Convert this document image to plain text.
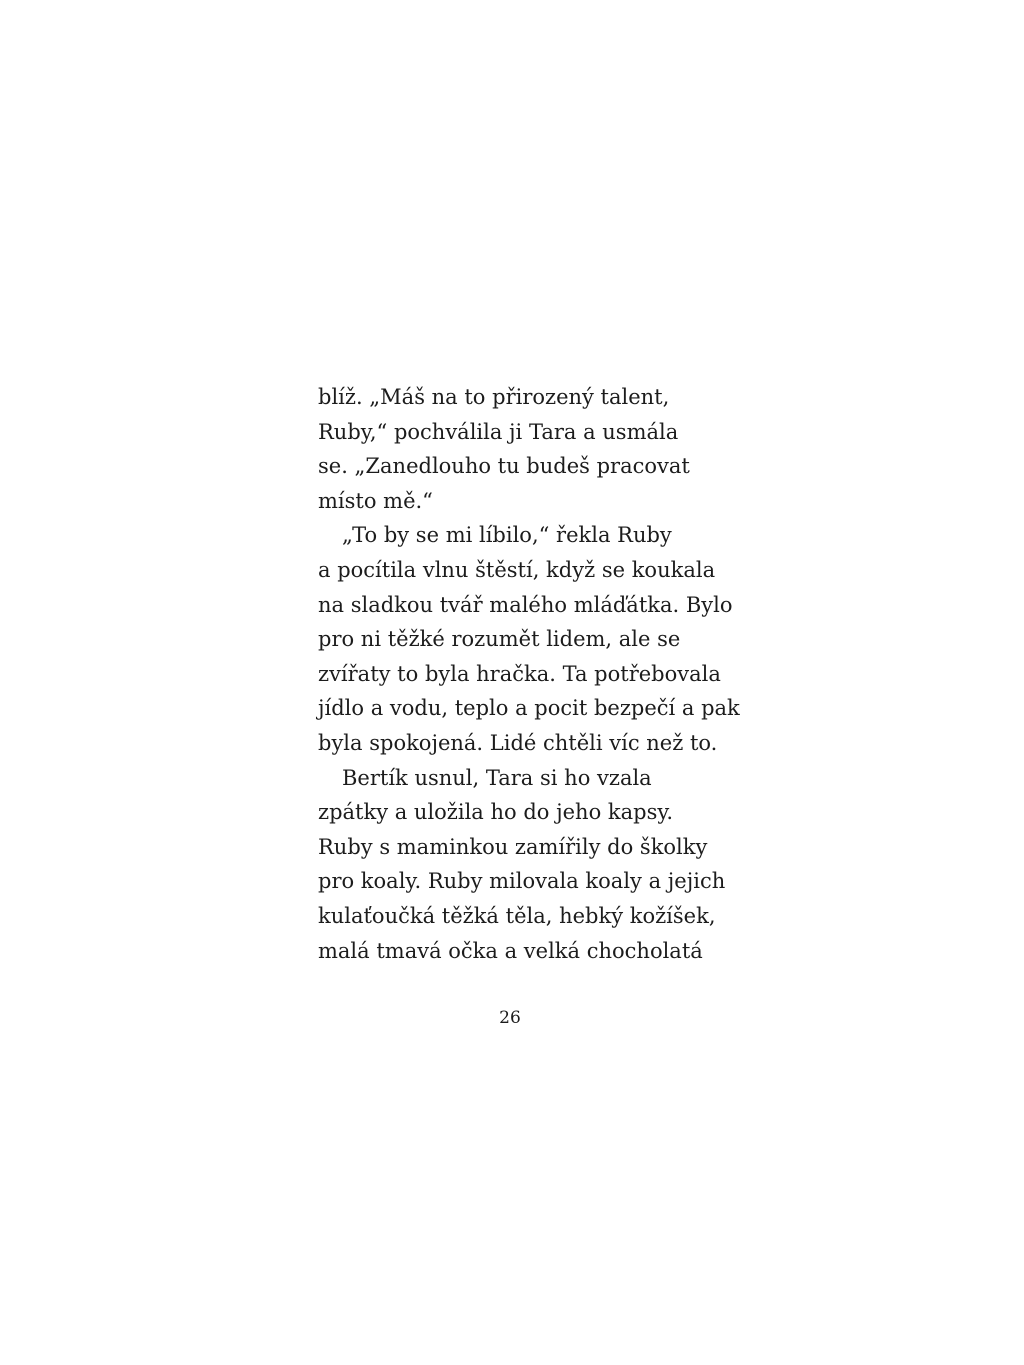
blíž. „Máš na to přirozený talent,
Ruby,“ pochválila ji Tara a usmála
se. „Zanedlouho tu budeš pracovat
místo mě.“
„To by se mi líbilo,“ řekla Ruby
a pocítila vlnu štěstí, když se koukala
na sladkou tvář malého mláďátka. Bylo
pro ni těžké rozumět lidem, ale se
zvířaty to byla hračka. Ta potřebovala
jídlo a vodu, teplo a pocit bezpečí a pak
byla spokojená. Lidé chtěli víc než to.
Bertík usnul, Tara si ho vzala
zpátky a uložila ho do jeho kapsy.
Ruby s maminkou zamířily do školky
pro koaly. Ruby milovala koaly a jejich
kulaťoučká těžká těla, hebký kožíšek,
malá tmavá očka a velká chocholatá
26
